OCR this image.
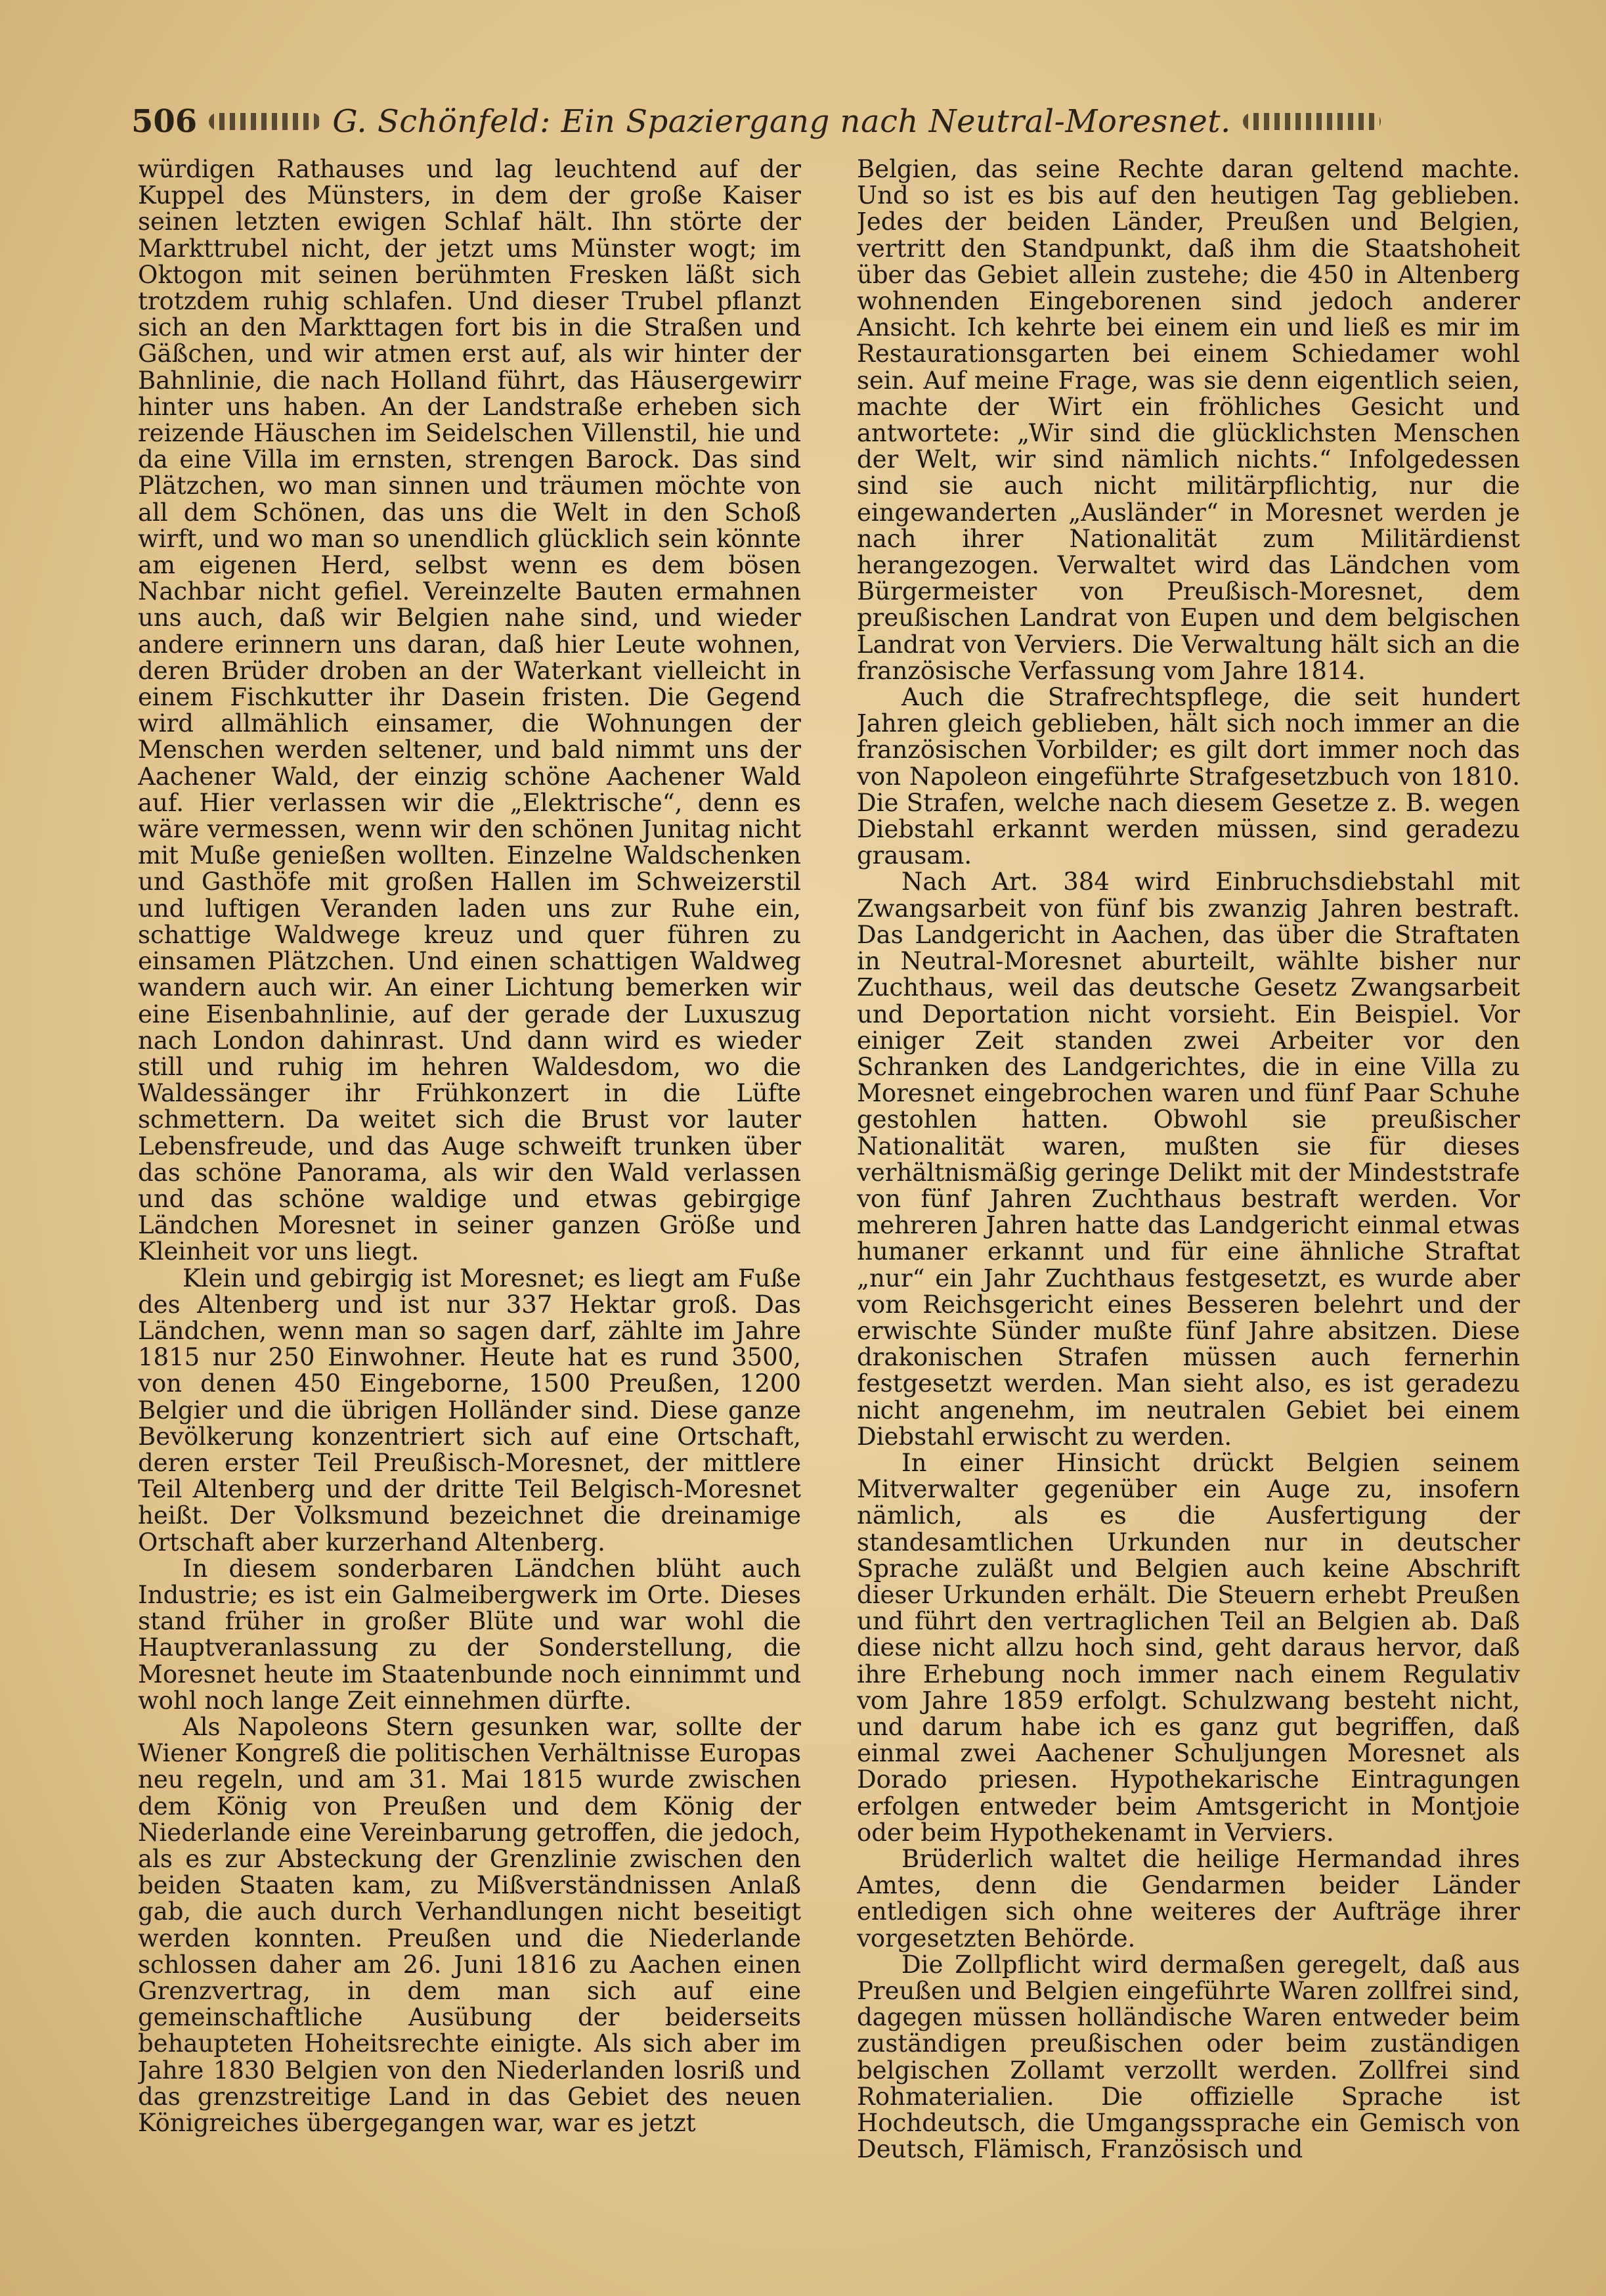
506	G. Schönfeld: Ein Spaziergang nach Neutral-Moresnet.

würdigen Rathauses und lag leuchtend auf der Kuppel des Münsters, in dem der große Kaiser seinen letzten ewigen Schlaf hält. Ihn störte der Markttrubel nicht, der jetzt ums Münster wogt; im Oktogon mit seinen berühmten Fresken läßt sich trotzdem ruhig schlafen. Und dieser Trubel pflanzt sich an den Markttagen fort bis in die Straßen und Gäßchen, und wir atmen erst auf, als wir hinter der Bahnlinie, die nach Holland führt, das Häusergewirr hinter uns haben. An der Landstraße erheben sich reizende Häuschen im Seidelschen Villenstil, hie und da eine Villa im ernsten, strengen Barock. Das sind Plätzchen, wo man sinnen und träumen möchte von all dem Schönen, das uns die Welt in den Schoß wirft, und wo man so unendlich glücklich sein könnte am eigenen Herd, selbst wenn es dem bösen Nachbar nicht gefiel. Vereinzelte Bauten ermahnen uns auch, daß wir Belgien nahe sind, und wieder andere erinnern uns daran, daß hier Leute wohnen, deren Brüder droben an der Waterkant vielleicht in einem Fischkutter ihr Dasein fristen. Die Gegend wird allmählich einsamer, die Wohnungen der Menschen werden seltener, und bald nimmt uns der Aachener Wald, der einzig schöne Aachener Wald auf. Hier verlassen wir die „Elektrische“, denn es wäre vermessen, wenn wir den schönen Junitag nicht mit Muße genießen wollten. Einzelne Waldschenken und Gasthöfe mit großen Hallen im Schweizerstil und luftigen Veranden laden uns zur Ruhe ein, schattige Waldwege kreuz und quer führen zu einsamen Plätzchen. Und einen schattigen Waldweg wandern auch wir. An einer Lichtung bemerken wir eine Eisenbahnlinie, auf der gerade der Luxuszug nach London dahinrast. Und dann wird es wieder still und ruhig im hehren Waldesdom, wo die Waldessänger ihr Frühkonzert in die Lüfte schmettern. Da weitet sich die Brust vor lauter Lebensfreude, und das Auge schweift trunken über das schöne Panorama, als wir den Wald verlassen und das schöne waldige und etwas gebirgige Ländchen Moresnet in seiner ganzen Größe und Kleinheit vor uns liegt.

Klein und gebirgig ist Moresnet; es liegt am Fuße des Altenberg und ist nur 337 Hektar groß. Das Ländchen, wenn man so sagen darf, zählte im Jahre 1815 nur 250 Einwohner. Heute hat es rund 3500, von denen 450 Eingeborne, 1500 Preußen, 1200 Belgier und die übrigen Holländer sind. Diese ganze Bevölkerung konzentriert sich auf eine Ortschaft, deren erster Teil Preußisch-Moresnet, der mittlere Teil Altenberg und der dritte Teil Belgisch-Moresnet heißt. Der Volksmund bezeichnet die dreinamige Ortschaft aber kurzerhand Altenberg.

In diesem sonderbaren Ländchen blüht auch Industrie; es ist ein Galmeibergwerk im Orte. Dieses stand früher in großer Blüte und war wohl die Hauptveranlassung zu der Sonderstellung, die Moresnet heute im Staatenbunde noch einnimmt und wohl noch lange Zeit einnehmen dürfte.

Als Napoleons Stern gesunken war, sollte der Wiener Kongreß die politischen Verhältnisse Europas neu regeln, und am 31. Mai 1815 wurde zwischen dem König von Preußen und dem König der Niederlande eine Vereinbarung getroffen, die jedoch, als es zur Absteckung der Grenzlinie zwischen den beiden Staaten kam, zu Mißverständnissen Anlaß gab, die auch durch Verhandlungen nicht beseitigt werden konnten. Preußen und die Niederlande schlossen daher am 26. Juni 1816 zu Aachen einen Grenzvertrag, in dem man sich auf eine gemeinschaftliche Ausübung der beiderseits behaupteten Hoheitsrechte einigte. Als sich aber im Jahre 1830 Belgien von den Niederlanden losriß und das grenzstreitige Land in das Gebiet des neuen Königreiches übergegangen war, war es jetzt

Belgien, das seine Rechte daran geltend machte. Und so ist es bis auf den heutigen Tag geblieben. Jedes der beiden Länder, Preußen und Belgien, vertritt den Standpunkt, daß ihm die Staatshoheit über das Gebiet allein zustehe; die 450 in Altenberg wohnenden Eingeborenen sind jedoch anderer Ansicht. Ich kehrte bei einem ein und ließ es mir im Restaurationsgarten bei einem Schiedamer wohl sein. Auf meine Frage, was sie denn eigentlich seien, machte der Wirt ein fröhliches Gesicht und antwortete: „Wir sind die glücklichsten Menschen der Welt, wir sind nämlich nichts.“ Infolgedessen sind sie auch nicht militärpflichtig, nur die eingewanderten „Ausländer“ in Moresnet werden je nach ihrer Nationalität zum Militärdienst herangezogen. Verwaltet wird das Ländchen vom Bürgermeister von Preußisch-Moresnet, dem preußischen Landrat von Eupen und dem belgischen Landrat von Verviers. Die Verwaltung hält sich an die französische Verfassung vom Jahre 1814.

Auch die Strafrechtspflege, die seit hundert Jahren gleich geblieben, hält sich noch immer an die französischen Vorbilder; es gilt dort immer noch das von Napoleon eingeführte Strafgesetzbuch von 1810. Die Strafen, welche nach diesem Gesetze z. B. wegen Diebstahl erkannt werden müssen, sind geradezu grausam.

Nach Art. 384 wird Einbruchsdiebstahl mit Zwangsarbeit von fünf bis zwanzig Jahren bestraft. Das Landgericht in Aachen, das über die Straftaten in Neutral-Moresnet aburteilt, wählte bisher nur Zuchthaus, weil das deutsche Gesetz Zwangsarbeit und Deportation nicht vorsieht. Ein Beispiel. Vor einiger Zeit standen zwei Arbeiter vor den Schranken des Landgerichtes, die in eine Villa zu Moresnet eingebrochen waren und fünf Paar Schuhe gestohlen hatten. Obwohl sie preußischer Nationalität waren, mußten sie für dieses verhältnismäßig geringe Delikt mit der Mindeststrafe von fünf Jahren Zuchthaus bestraft werden. Vor mehreren Jahren hatte das Landgericht einmal etwas humaner erkannt und für eine ähnliche Straftat „nur“ ein Jahr Zuchthaus festgesetzt, es wurde aber vom Reichsgericht eines Besseren belehrt und der erwischte Sünder mußte fünf Jahre absitzen. Diese drakonischen Strafen müssen auch fernerhin festgesetzt werden. Man sieht also, es ist geradezu nicht angenehm, im neutralen Gebiet bei einem Diebstahl erwischt zu werden.

In einer Hinsicht drückt Belgien seinem Mitverwalter gegenüber ein Auge zu, insofern nämlich, als es die Ausfertigung der standesamtlichen Urkunden nur in deutscher Sprache zuläßt und Belgien auch keine Abschrift dieser Urkunden erhält. Die Steuern erhebt Preußen und führt den vertraglichen Teil an Belgien ab. Daß diese nicht allzu hoch sind, geht daraus hervor, daß ihre Erhebung noch immer nach einem Regulativ vom Jahre 1859 erfolgt. Schulzwang besteht nicht, und darum habe ich es ganz gut begriffen, daß einmal zwei Aachener Schuljungen Moresnet als Dorado priesen. Hypothekarische Eintragungen erfolgen entweder beim Amtsgericht in Montjoie oder beim Hypothekenamt in Verviers.

Brüderlich waltet die heilige Hermandad ihres Amtes, denn die Gendarmen beider Länder entledigen sich ohne weiteres der Aufträge ihrer vorgesetzten Behörde.

Die Zollpflicht wird dermaßen geregelt, daß aus Preußen und Belgien eingeführte Waren zollfrei sind, dagegen müssen holländische Waren entweder beim zuständigen preußischen oder beim zuständigen belgischen Zollamt verzollt werden. Zollfrei sind Rohmaterialien. Die offizielle Sprache ist Hochdeutsch, die Umgangssprache ein Gemisch von Deutsch, Flämisch, Französisch und
